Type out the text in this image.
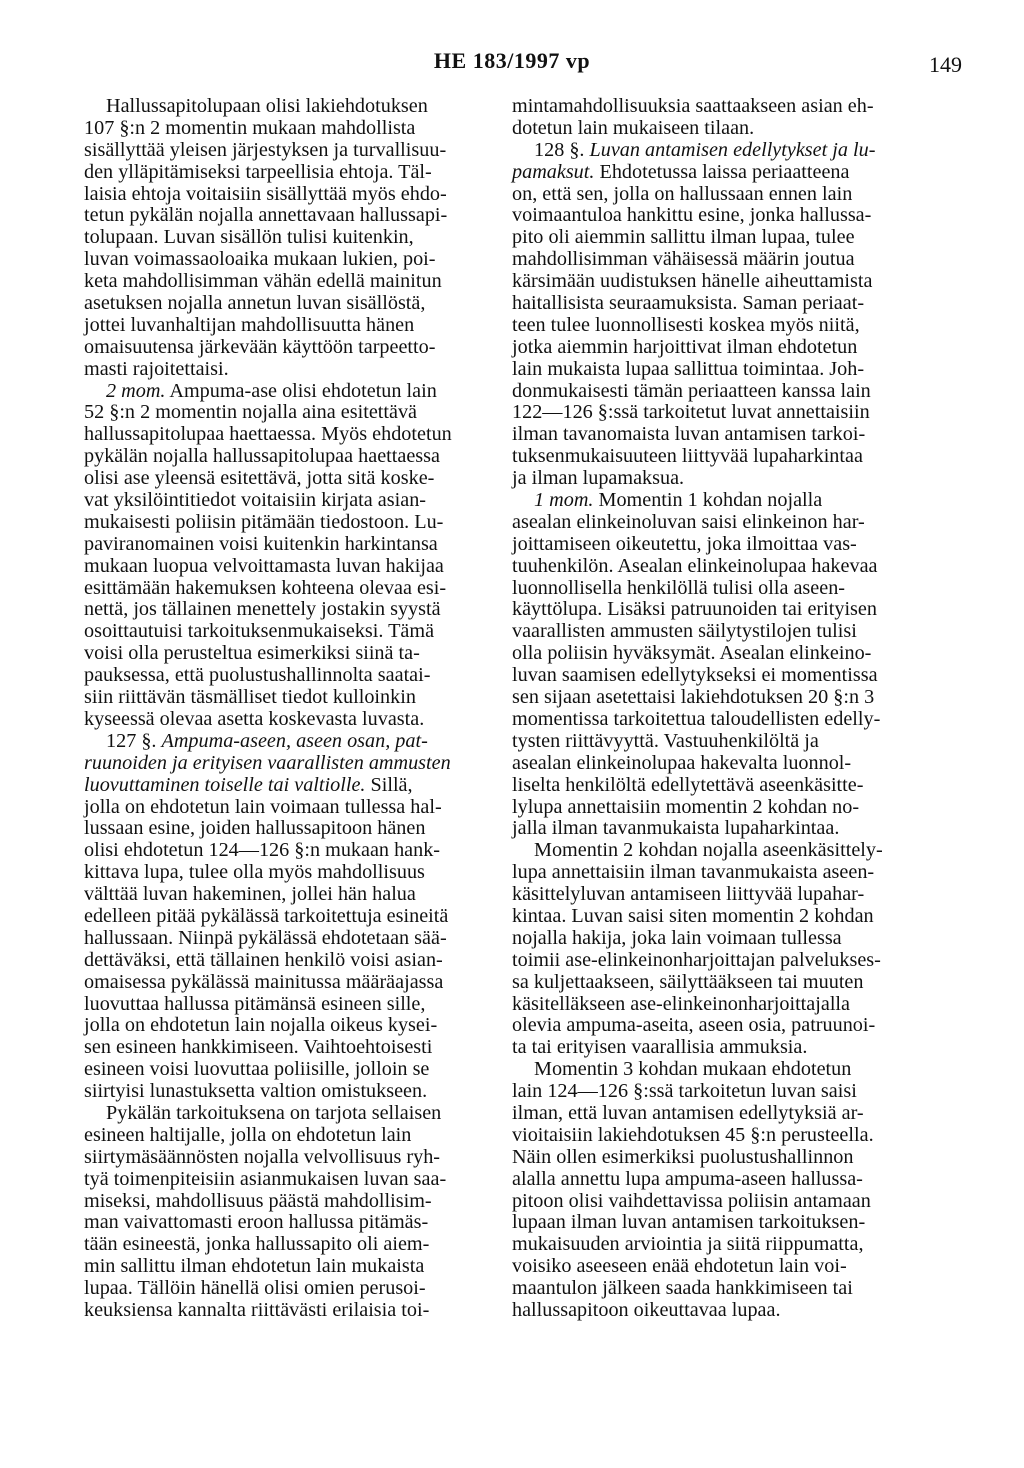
HE 183/1997 vp	149
Hallussapitolupaan olisi lakiehdotuksen
107 §:n 2 momentin mukaan mahdollista
sisällyttää yleisen järjestyksen ja turvallisuu-
den ylläpitämiseksi tarpeellisia ehtoja. Täl-
laisia ehtoja voitaisiin sisällyttää myös ehdo-
tetun pykälän nojalla annettavaan hallussapi-
tolupaan. Luvan sisällön tulisi kuitenkin,
luvan voimassaoloaika mukaan lukien, poi-
keta mahdollisimman vähän edellä mainitun
asetuksen nojalla annetun luvan sisällöstä,
jottei luvanhaltijan mahdollisuutta hänen
omaisuutensa järkevään käyttöön tarpeetto-
masti rajoitettaisi.
2 mom. Ampuma-ase olisi ehdotetun lain
52 §:n 2 momentin nojalla aina esitettävä
hallussapitolupaa haettaessa. Myös ehdotetun
pykälän nojalla hallussapitolupaa haettaessa
olisi ase yleensä esitettävä, jotta sitä koske-
vat yksilöintitiedot voitaisiin kirjata asian-
mukaisesti poliisin pitämään tiedostoon. Lu-
paviranomainen voisi kuitenkin harkintansa
mukaan luopua velvoittamasta luvan hakijaa
esittämään hakemuksen kohteena olevaa esi-
nettä, jos tällainen menettely jostakin syystä
osoittautuisi tarkoituksenmukaiseksi. Tämä
voisi olla perusteltua esimerkiksi siinä ta-
pauksessa, että puolustushallinnolta saatai-
siin riittävän täsmälliset tiedot kulloinkin
kyseessä olevaa asetta koskevasta luvasta.
127 §. Ampuma-aseen, aseen osan, pat-
ruunoiden ja erityisen vaarallisten ammusten
luovuttaminen toiselle tai valtiolle. Sillä,
jolla on ehdotetun lain voimaan tullessa hal-
lussaan esine, joiden hallussapitoon hänen
olisi ehdotetun 124—126 §:n mukaan hank-
kittava lupa, tulee olla myös mahdollisuus
välttää luvan hakeminen, jollei hän halua
edelleen pitää pykälässä tarkoitettuja esineitä
hallussaan. Niinpä pykälässä ehdotetaan sää-
dettäväksi, että tällainen henkilö voisi asian-
omaisessa pykälässä mainitussa määräajassa
luovuttaa hallussa pitämänsä esineen sille,
jolla on ehdotetun lain nojalla oikeus kysei-
sen esineen hankkimiseen. Vaihtoehtoisesti
esineen voisi luovuttaa poliisille, jolloin se
siirtyisi lunastuksetta valtion omistukseen.
Pykälän tarkoituksena on tarjota sellaisen
esineen haltijalle, jolla on ehdotetun lain
siirtymäsäännösten nojalla velvollisuus ryh-
tyä toimenpiteisiin asianmukaisen luvan saa-
miseksi, mahdollisuus päästä mahdollisim-
man vaivattomasti eroon hallussa pitämäs-
tään esineestä, jonka hallussapito oli aiem-
min sallittu ilman ehdotetun lain mukaista
lupaa. Tällöin hänellä olisi omien perusoi-
keuksiensa kannalta riittävästi erilaisia toi-
mintamahdollisuuksia saattaakseen asian eh-
dotetun lain mukaiseen tilaan.
128 §. Luvan antamisen edellytykset ja lu-
pamaksut. Ehdotetussa laissa periaatteena
on, että sen, jolla on hallussaan ennen lain
voimaantuloa hankittu esine, jonka hallussa-
pito oli aiemmin sallittu ilman lupaa, tulee
mahdollisimman vähäisessä määrin joutua
kärsimään uudistuksen hänelle aiheuttamista
haitallisista seuraamuksista. Saman periaat-
teen tulee luonnollisesti koskea myös niitä,
jotka aiemmin harjoittivat ilman ehdotetun
lain mukaista lupaa sallittua toimintaa. Joh-
donmukaisesti tämän periaatteen kanssa lain
122—126 §:ssä tarkoitetut luvat annettaisiin
ilman tavanomaista luvan antamisen tarkoi-
tuksenmukaisuuteen liittyvää lupaharkintaa
ja ilman lupamaksua.
1 mom. Momentin 1 kohdan nojalla
asealan elinkeinoluvan saisi elinkeinon har-
joittamiseen oikeutettu, joka ilmoittaa vas-
tuuhenkilön. Asealan elinkeinolupaa hakevaa
luonnollisella henkilöllä tulisi olla aseen-
käyttölupa. Lisäksi patruunoiden tai erityisen
vaarallisten ammusten säilytystilojen tulisi
olla poliisin hyväksymät. Asealan elinkeino-
luvan saamisen edellytykseksi ei momentissa
sen sijaan asetettaisi lakiehdotuksen 20 §:n 3
momentissa tarkoitettua taloudellisten edelly-
tysten riittävyyttä. Vastuuhenkilöltä ja
asealan elinkeinolupaa hakevalta luonnol-
liselta henkilöltä edellytettävä aseenkäsitte-
lylupa annettaisiin momentin 2 kohdan no-
jalla ilman tavanmukaista lupaharkintaa.
Momentin 2 kohdan nojalla aseenkäsittely-
lupa annettaisiin ilman tavanmukaista aseen-
käsittelyluvan antamiseen liittyvää lupahar-
kintaa. Luvan saisi siten momentin 2 kohdan
nojalla hakija, joka lain voimaan tullessa
toimii ase-elinkeinonharjoittajan palvelukses-
sa kuljettaakseen, säilyttääkseen tai muuten
käsitelläkseen ase-elinkeinonharjoittajalla
olevia ampuma-aseita, aseen osia, patruunoi-
ta tai erityisen vaarallisia ammuksia.
Momentin 3 kohdan mukaan ehdotetun
lain 124—126 §:ssä tarkoitetun luvan saisi
ilman, että luvan antamisen edellytyksiä ar-
vioitaisiin lakiehdotuksen 45 §:n perusteella.
Näin ollen esimerkiksi puolustushallinnon
alalla annettu lupa ampuma-aseen hallussa-
pitoon olisi vaihdettavissa poliisin antamaan
lupaan ilman luvan antamisen tarkoituksen-
mukaisuuden arviointia ja siitä riippumatta,
voisiko aseeseen enää ehdotetun lain voi-
maantulon jälkeen saada hankkimiseen tai
hallussapitoon oikeuttavaa lupaa.
